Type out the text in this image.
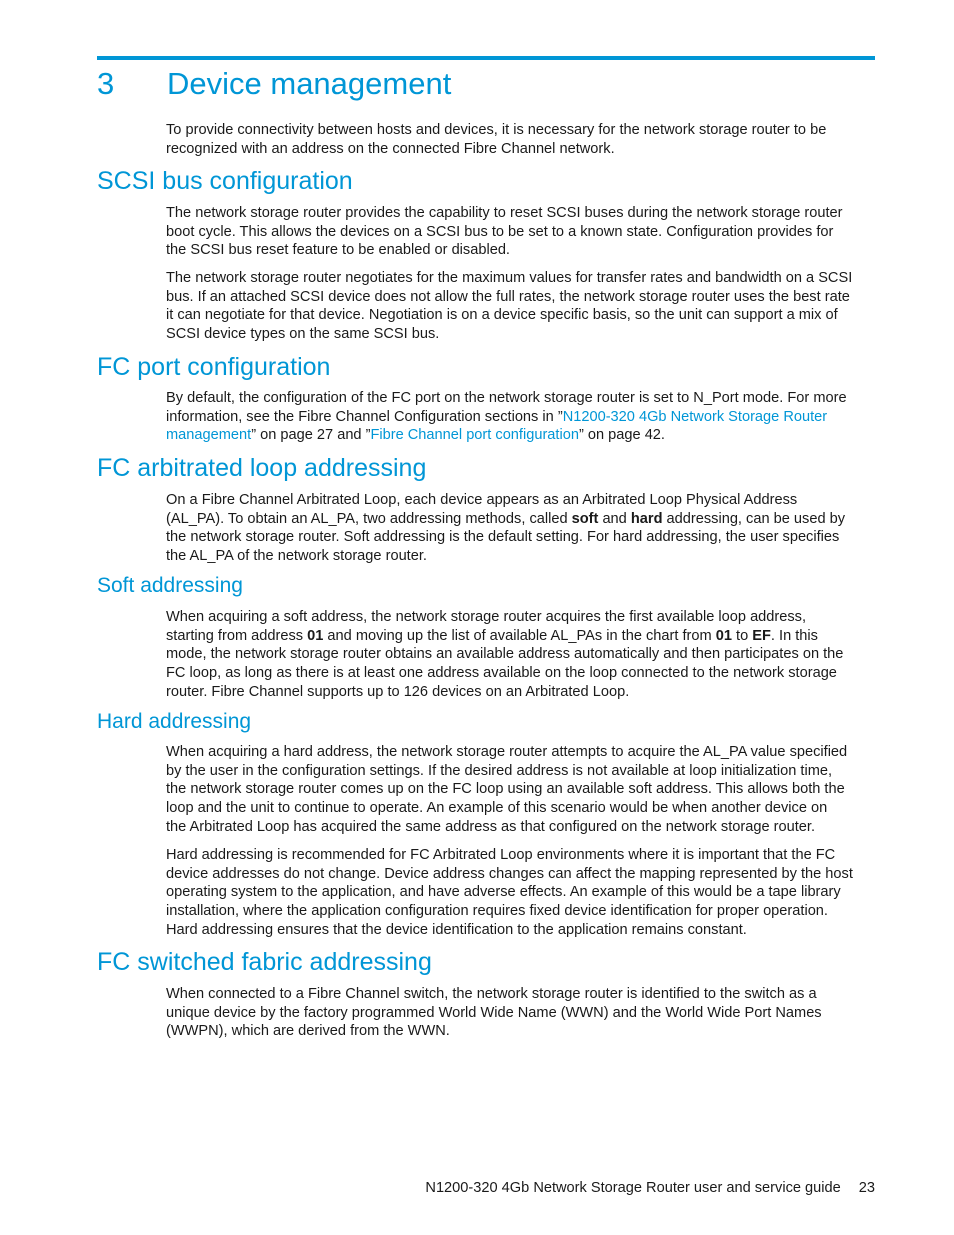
3 Device management
To provide connectivity between hosts and devices, it is necessary for the network storage router to be
recognized with an address on the connected Fibre Channel network.
SCSI bus configuration
The network storage router provides the capability to reset SCSI buses during the network storage router
boot cycle. This allows the devices on a SCSI bus to be set to a known state. Configuration provides for
the SCSI bus reset feature to be enabled or disabled.
The network storage router negotiates for the maximum values for transfer rates and bandwidth on a SCSI
bus. If an attached SCSI device does not allow the full rates, the network storage router uses the best rate
it can negotiate for that device. Negotiation is on a device specific basis, so the unit can support a mix of
SCSI device types on the same SCSI bus.
FC port configuration
By default, the configuration of the FC port on the network storage router is set to N_Port mode. For more
information, see the Fibre Channel Configuration sections in ”N1200-320 4Gb Network Storage Router
management” on page 27 and ”Fibre Channel port configuration” on page 42.
FC arbitrated loop addressing
On a Fibre Channel Arbitrated Loop, each device appears as an Arbitrated Loop Physical Address
(AL_PA). To obtain an AL_PA, two addressing methods, called soft and hard addressing, can be used by
the network storage router. Soft addressing is the default setting. For hard addressing, the user specifies
the AL_PA of the network storage router.
Soft addressing
When acquiring a soft address, the network storage router acquires the first available loop address,
starting from address 01 and moving up the list of available AL_PAs in the chart from 01 to EF. In this
mode, the network storage router obtains an available address automatically and then participates on the
FC loop, as long as there is at least one address available on the loop connected to the network storage
router. Fibre Channel supports up to 126 devices on an Arbitrated Loop.
Hard addressing
When acquiring a hard address, the network storage router attempts to acquire the AL_PA value specified
by the user in the configuration settings. If the desired address is not available at loop initialization time,
the network storage router comes up on the FC loop using an available soft address. This allows both the
loop and the unit to continue to operate. An example of this scenario would be when another device on
the Arbitrated Loop has acquired the same address as that configured on the network storage router.
Hard addressing is recommended for FC Arbitrated Loop environments where it is important that the FC
device addresses do not change. Device address changes can affect the mapping represented by the host
operating system to the application, and have adverse effects. An example of this would be a tape library
installation, where the application configuration requires fixed device identification for proper operation.
Hard addressing ensures that the device identification to the application remains constant.
FC switched fabric addressing
When connected to a Fibre Channel switch, the network storage router is identified to the switch as a
unique device by the factory programmed World Wide Name (WWN) and the World Wide Port Names
(WWPN), which are derived from the WWN.
N1200-320 4Gb Network Storage Router user and service guide 23
